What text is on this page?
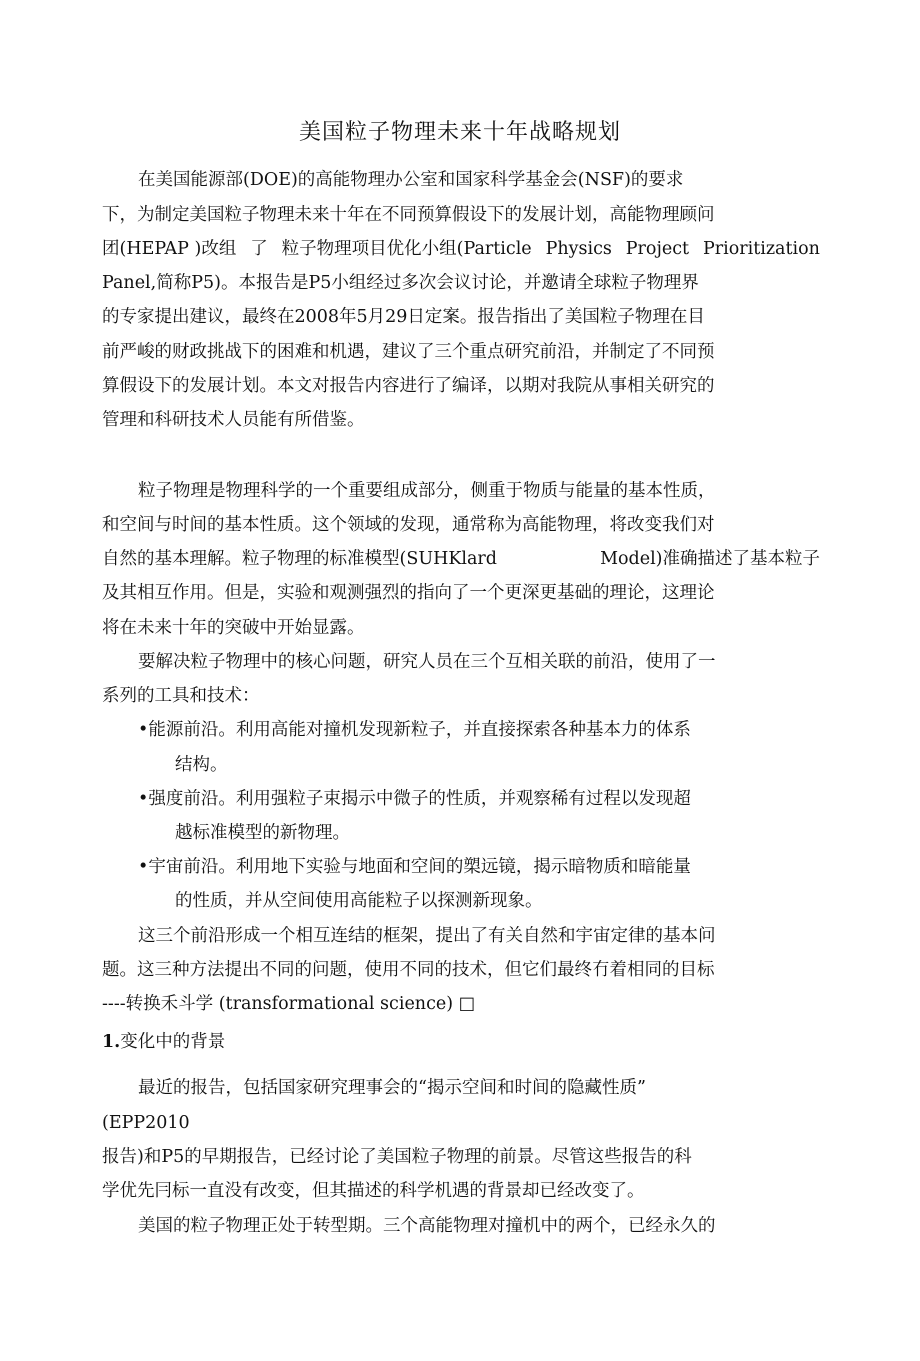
美国粒子物理未来十年战略规划
在美国能源部(DOE)的高能物理办公室和国家科学基金会(NSF)的要求
下，为制定美国粒子物理未来十年在不同预算假设下的发展计划，高能物理顾问
团(HEPAP )改组 了 粒子物理项目优化小组(Particle Physics Project Prioritization
Panel,简称P5)。本报告是P5小组经过多次会议讨论，并邀请全球粒子物理界
的专家提出建议，最终在2008年5月29日定案。报告指出了美国粒子物理在目
前严峻的财政挑战下的困难和机遇，建议了三个重点研究前沿，并制定了不同预
算假设下的发展计划。本文对报告内容进行了编译，以期对我院从事相关研究的
管理和科研技术人员能有所借鉴。
粒子物理是物理科学的一个重要组成部分，侧重于物质与能量的基本性质，
和空间与时间的基本性质。这个领域的发现，通常称为高能物理，将改变我们对
自然的基本理解。粒子物理的标准模型(SUHKlard	Model)准确描述了基本粒子
及其相互作用。但是，实验和观测强烈的指向了一个更深更基础的理论，这理论
将在未来十年的突破中开始显露。
要解决粒子物理中的核心问题，研究人员在三个互相关联的前沿，使用了一
系列的工具和技术：
•能源前沿。利用高能对撞机发现新粒子，并直接探索各种基本力的体系
结构。
•强度前沿。利用强粒子束揭示中微子的性质，并观察稀有过程以发现超
越标准模型的新物理。
•宇宙前沿。利用地下实验与地面和空间的槊远镜，揭示暗物质和暗能量
的性质，并从空间使用高能粒子以探测新现象。
这三个前沿形成一个相互连结的框架，提出了有关自然和宇宙定律的基本问
题。这三种方法提出不同的问题，使用不同的技术，但它们最终冇着相同的目标
----转换禾斗学 (transformational science) □
1.变化中的背景
最近的报告，包括国家研究理事会的“揭示空间和时间的隐藏性质”
(EPP2010
报告)和P5的早期报告，已经讨论了美国粒子物理的前景。尽管这些报告的科
学优先冃标一直没有改变，但其描述的科学机遇的背景却已经改变了。
美国的粒子物理正处于转型期。三个高能物理对撞机中的两个，已经永久的
